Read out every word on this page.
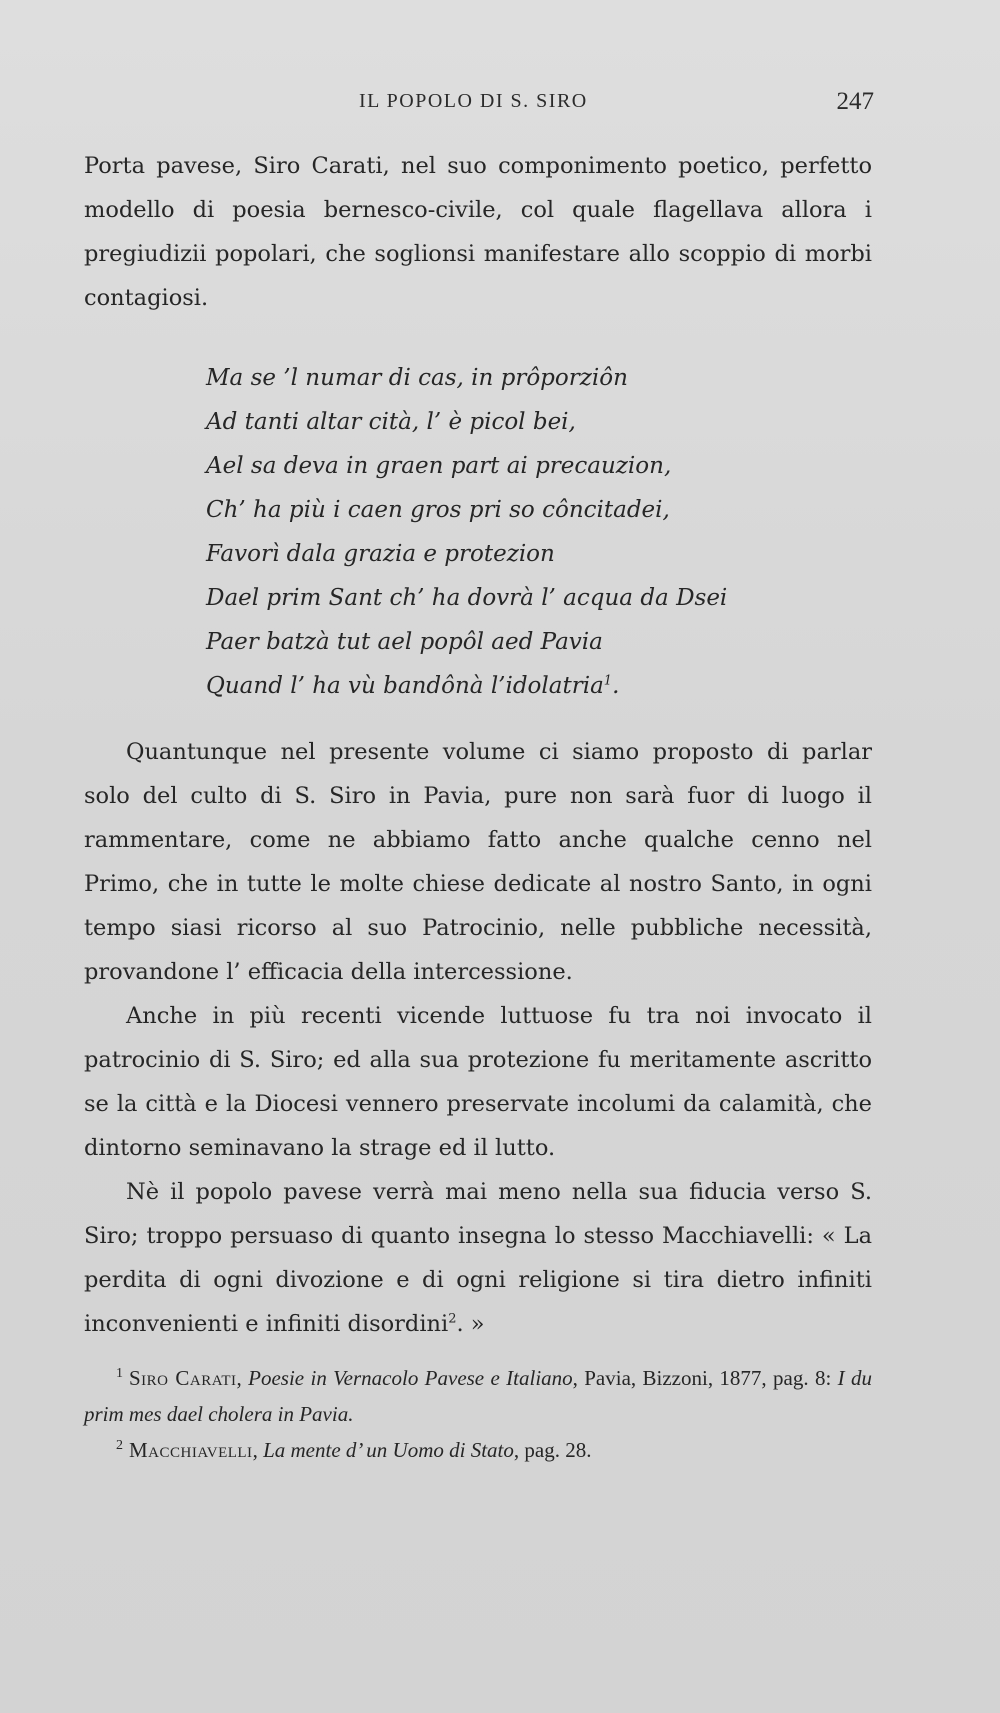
IL POPOLO DI S. SIRO	247

Porta pavese, Siro Carati, nel suo componimento poetico, perfetto modello di poesia bernesco-civile, col quale flagellava allora i pregiudizii popolari, che soglionsi manifestare allo scoppio di morbi contagiosi.

Ma se ’l numar di cas, in prôporziôn
Ad tanti altar cità, l’ è picol bei,
Ael sa deva in graen part ai precauzion,
Ch’ ha più i caen gros pri so côncitadei,
Favorì dala grazia e protezion
Dael prim Sant ch’ ha dovrà l’ acqua da Dsei
Paer batzà tut ael popôl aed Pavia
Quand l’ ha vù bandônà l’idolatria$^1$.

Quantunque nel presente volume ci siamo proposto di parlar solo del culto di S. Siro in Pavia, pure non sarà fuor di luogo il rammentare, come ne abbiamo fatto anche qualche cenno nel Primo, che in tutte le molte chiese dedicate al nostro Santo, in ogni tempo siasi ricorso al suo Patrocinio, nelle pubbliche necessità, provandone l’ efficacia della intercessione.

Anche in più recenti vicende luttuose fu tra noi invocato il patrocinio di S. Siro; ed alla sua protezione fu meritamente ascritto se la città e la Diocesi vennero preservate incolumi da calamità, che dintorno seminavano la strage ed il lutto.

Nè il popolo pavese verrà mai meno nella sua fiducia verso S. Siro; troppo persuaso di quanto insegna lo stesso Macchiavelli: « La perdita di ogni divozione e di ogni religione si tira dietro infiniti inconvenienti e infiniti disordini$^2$. »

$^1$ Siro Carati, Poesie in Vernacolo Pavese e Italiano, Pavia, Bizzoni, 1877, pag. 8: I du prim mes dael cholera in Pavia.

$^2$ Macchiavelli, La mente d’ un Uomo di Stato, pag. 28.
